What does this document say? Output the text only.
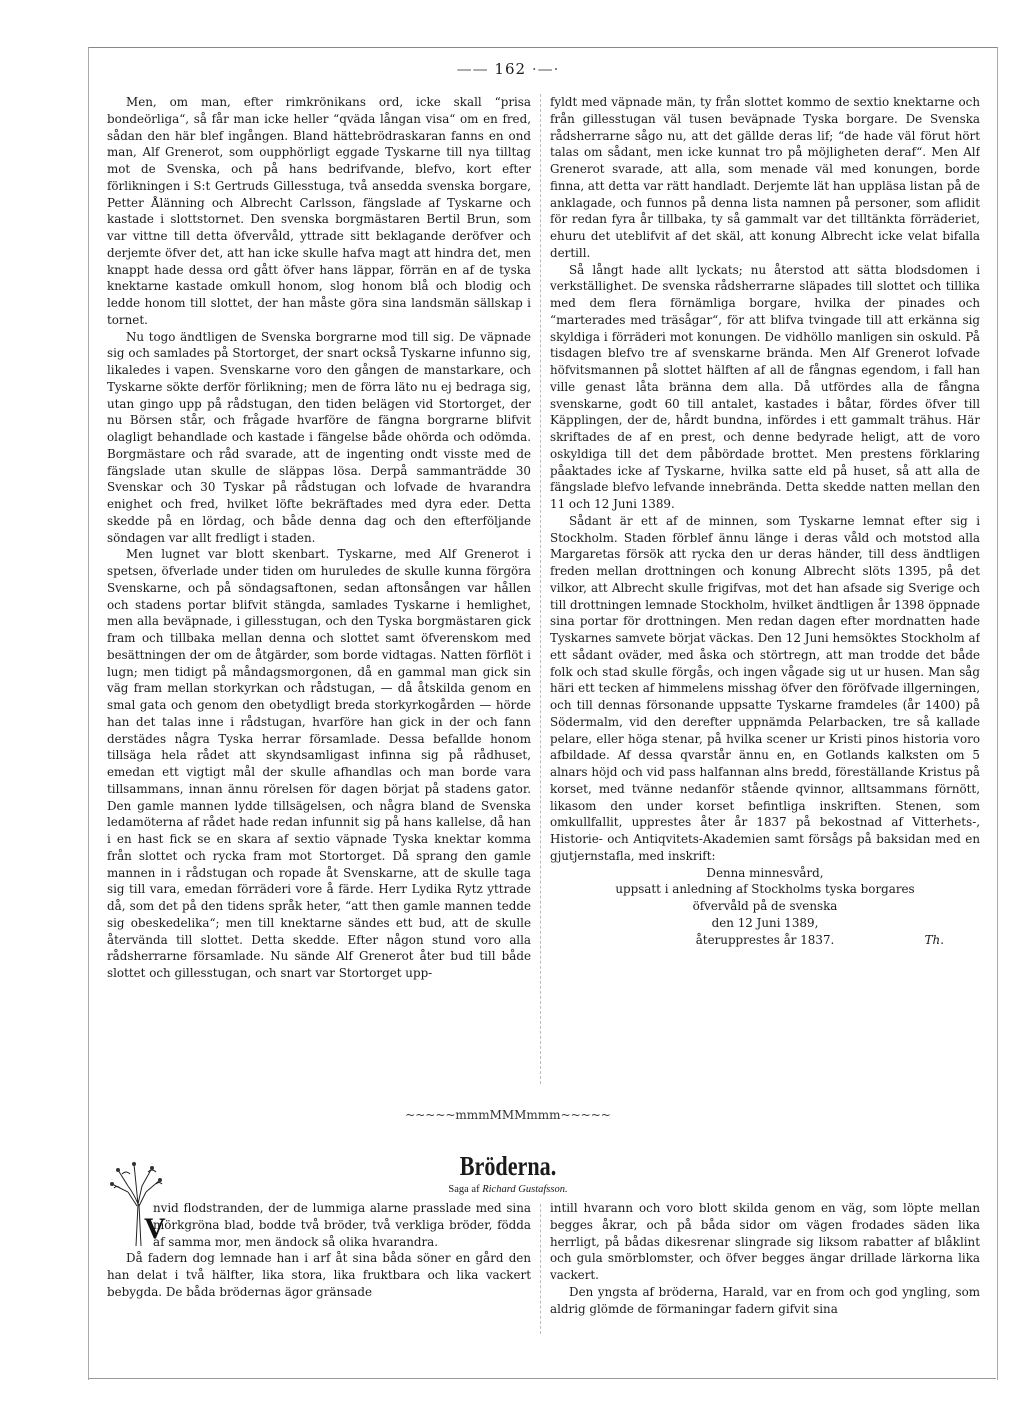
—— 162 ·—·

Men, om man, efter rimkrönikans ord, icke skall “prisa bondeörliga“, så får man icke heller “qväda långan visa“ om en fred, sådan den här blef ingången. Bland hättebrödraskaran fanns en ond man, Alf Grenerot, som oupphörligt eggade Tyskarne till nya tilltag mot de Svenska, och på hans bedrifvande, blefvo, kort efter förlikningen i S:t Gertruds Gillesstuga, två ansedda svenska borgare, Petter Ålänning och Albrecht Carlsson, fängslade af Tyskarne och kastade i slottstornet. Den svenska borgmästaren Bertil Brun, som var vittne till detta öfvervåld, yttrade sitt beklagande deröfver och derjemte öfver det, att han icke skulle hafva magt att hindra det, men knappt hade dessa ord gått öfver hans läppar, förrän en af de tyska knektarne kastade omkull honom, slog honom blå och blodig och ledde honom till slottet, der han måste göra sina landsmän sällskap i tornet.

Nu togo ändtligen de Svenska borgrarne mod till sig. De väpnade sig och samlades på Stortorget, der snart också Tyskarne infunno sig, likaledes i vapen. Svenskarne voro den gången de manstarkare, och Tyskarne sökte derför förlikning; men de förra läto nu ej bedraga sig, utan gingo upp på rådstugan, den tiden belägen vid Stortorget, der nu Börsen står, och frågade hvarföre de fängna borgrarne blifvit olagligt behandlade och kastade i fängelse både ohörda och odömda. Borgmästare och råd svarade, att de ingenting ondt visste med de fängslade utan skulle de släppas lösa. Derpå sammanträdde 30 Svenskar och 30 Tyskar på rådstugan och lofvade de hvarandra enighet och fred, hvilket löfte bekräftades med dyra eder. Detta skedde på en lördag, och både denna dag och den efterföljande söndagen var allt fredligt i staden.

Men lugnet var blott skenbart. Tyskarne, med Alf Grenerot i spetsen, öfverlade under tiden om huruledes de skulle kunna förgöra Svenskarne, och på söndagsaftonen, sedan aftonsången var hållen och stadens portar blifvit stängda, samlades Tyskarne i hemlighet, men alla beväpnade, i gillesstugan, och den Tyska borgmästaren gick fram och tillbaka mellan denna och slottet samt öfverenskom med besättningen der om de åtgärder, som borde vidtagas. Natten förflöt i lugn; men tidigt på måndagsmorgonen, då en gammal man gick sin väg fram mellan storkyrkan och rådstugan, — då åtskilda genom en smal gata och genom den obetydligt breda storkyrkogården — hörde han det talas inne i rådstugan, hvarföre han gick in der och fann derstädes några Tyska herrar församlade. Dessa befallde honom tillsäga hela rådet att skyndsamligast infinna sig på rådhuset, emedan ett vigtigt mål der skulle afhandlas och man borde vara tillsammans, innan ännu rörelsen för dagen börjat på stadens gator. Den gamle mannen lydde tillsägelsen, och några bland de Svenska ledamöterna af rådet hade redan infunnit sig på hans kallelse, då han i en hast fick se en skara af sextio väpnade Tyska knektar komma från slottet och rycka fram mot Stortorget. Då sprang den gamle mannen in i rådstugan och ropade åt Svenskarne, att de skulle taga sig till vara, emedan förräderi vore å färde. Herr Lydika Rytz yttrade då, som det på den tidens språk heter, “att then gamle mannen tedde sig obeskedelika“; men till knektarne sändes ett bud, att de skulle återvända till slottet. Detta skedde. Efter någon stund voro alla rådsherrarne församlade. Nu sände Alf Grenerot åter bud till både slottet och gillesstugan, och snart var Stortorget upp-

fyldt med väpnade män, ty från slottet kommo de sextio knektarne och från gillesstugan väl tusen beväpnade Tyska borgare. De Svenska rådsherrarne sågo nu, att det gällde deras lif; “de hade väl förut hört talas om sådant, men icke kunnat tro på möjligheten deraf“. Men Alf Grenerot svarade, att alla, som menade väl med konungen, borde finna, att detta var rätt handladt. Derjemte lät han uppläsa listan på de anklagade, och funnos på denna lista namnen på personer, som aflidit för redan fyra år tillbaka, ty så gammalt var det tilltänkta förräderiet, ehuru det uteblifvit af det skäl, att konung Albrecht icke velat bifalla dertill.

Så långt hade allt lyckats; nu återstod att sätta blodsdomen i verkställighet. De svenska rådsherrarne släpades till slottet och tillika med dem flera förnämliga borgare, hvilka der pinades och “marterades med träsågar“, för att blifva tvingade till att erkänna sig skyldiga i förräderi mot konungen. De vidhöllo manligen sin oskuld. På tisdagen blefvo tre af svenskarne brända. Men Alf Grenerot lofvade höfvitsmannen på slottet hälften af all de fångnas egendom, i fall han ville genast låta bränna dem alla. Då utfördes alla de fångna svenskarne, godt 60 till antalet, kastades i båtar, fördes öfver till Käpplingen, der de, hårdt bundna, infördes i ett gammalt trähus. Här skriftades de af en prest, och denne bedyrade heligt, att de voro oskyldiga till det dem påbördade brottet. Men prestens förklaring påaktades icke af Tyskarne, hvilka satte eld på huset, så att alla de fängslade blefvo lefvande innebrända. Detta skedde natten mellan den 11 och 12 Juni 1389.

Sådant är ett af de minnen, som Tyskarne lemnat efter sig i Stockholm. Staden förblef ännu länge i deras våld och motstod alla Margaretas försök att rycka den ur deras händer, till dess ändtligen freden mellan drottningen och konung Albrecht slöts 1395, på det vilkor, att Albrecht skulle frigifvas, mot det han afsade sig Sverige och till drottningen lemnade Stockholm, hvilket ändtligen år 1398 öppnade sina portar för drottningen. Men redan dagen efter mordnatten hade Tyskarnes samvete börjat väckas. Den 12 Juni hemsöktes Stockholm af ett sådant oväder, med åska och störtregn, att man trodde det både folk och stad skulle förgås, och ingen vågade sig ut ur husen. Man såg häri ett tecken af himmelens misshag öfver den föröfvade illgerningen, och till dennas försonande uppsatte Tyskarne framdeles (år 1400) på Södermalm, vid den derefter uppnämda Pelarbacken, tre så kallade pelare, eller höga stenar, på hvilka scener ur Kristi pinos historia voro afbildade. Af dessa qvarstår ännu en, en Gotlands kalksten om 5 alnars höjd och vid pass halfannan alns bredd, föreställande Kristus på korset, med tvänne nedanför stående qvinnor, alltsammans förnött, likasom den under korset befintliga inskriften. Stenen, som omkullfallit, upprestes åter år 1837 på bekostnad af Vitterhets-, Historie- och Antiqvitets-Akademien samt försågs på baksidan med en gjutjernstafla, med inskrift:

Denna minnesvård,

uppsatt i anledning af Stockholms tyska borgares

öfvervåld på de svenska

den 12 Juni 1389,

återupprestes år 1837.	Th.

~~~~~mmmMMMmmm~~~~~

Bröderna.

Saga af Richard Gustafsson.

V

nvid flodstranden, der de lummiga alarne prasslade med sina mörkgröna blad, bodde två bröder, två verkliga bröder, födda af samma mor, men ändock så olika hvarandra.

Då fadern dog lemnade han i arf åt sina båda söner en gård den han delat i två hälfter, lika stora, lika fruktbara och lika vackert bebygda. De båda brödernas ägor gränsade

intill hvarann och voro blott skilda genom en väg, som löpte mellan begges åkrar, och på båda sidor om vägen frodades säden lika herrligt, på bådas dikesrenar slingrade sig liksom rabatter af blåklint och gula smörblomster, och öfver begges ängar drillade lärkorna lika vackert.

Den yngsta af bröderna, Harald, var en from och god yngling, som aldrig glömde de förmaningar fadern gifvit sina
